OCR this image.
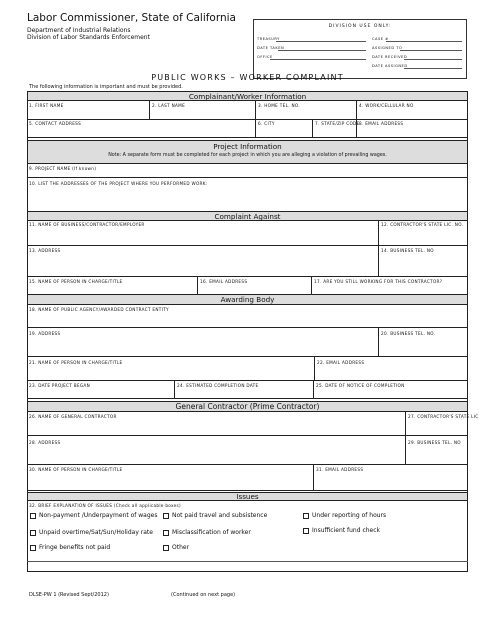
Labor Commissioner, State of California
Department of Industrial Relations
Division of Labor Standards Enforcement
DIVISION USE ONLY:
TREASURY
DATE TAKEN
OFFICE
CASE #
ASSIGNED TO
DATE RECEIVED
DATE ASSIGNED
PUBLIC WORKS – WORKER COMPLAINT
The following information is important and must be provided.
Complainant/Worker Information
1. FIRST NAME	2. LAST NAME	3. HOME TEL. NO.	4. WORK/CELLULAR NO
5. CONTACT ADDRESS	6. CITY	7. STATE/ZIP CODE 8. EMAIL ADDRESS
Project Information
Note: A separate form must be completed for each project in which you are alleging a violation of prevailing wages.
9. PROJECT NAME (If known)
10. LIST THE ADDRESSES OF THE PROJECT WHERE YOU PERFORMED WORK:
Complaint Against
11. NAME OF BUSINESS/CONTRACTOR/EMPLOYER	12. CONTRACTOR'S STATE LIC. NO.
13. ADDRESS	14. BUSINESS TEL. NO
15. NAME OF PERSON IN CHARGE/TITLE	16. EMAIL ADDRESS	17. ARE YOU STILL WORKING FOR THIS CONTRACTOR?
Awarding Body
18. NAME OF PUBLIC AGENCY/AWARDED CONTRACT ENTITY
19. ADDRESS	20. BUSINESS TEL. NO.
21. NAME OF PERSON IN CHARGE/TITLE	22. EMAIL ADDRESS
23. DATE PROJECT BEGAN	24. ESTIMATED COMPLETION DATE	25. DATE OF NOTICE OF COMPLETION
General Contractor (Prime Contractor)
26. NAME OF GENERAL CONTRACTOR	27. CONTRACTOR'S STATE LIC
28. ADDRESS	29. BUSINESS TEL. NO
30. NAME OF PERSON IN CHARGE/TITLE	31. EMAIL ADDRESS
Issues
32. BRIEF EXPLANATION OF ISSUES (Check all applicable boxes)
Non-payment /Underpayment of wages Not paid travel and subsistence	Under reporting of hours
Unpaid overtime/Sat/Sun/Holiday rate	Misclassification of worker	Insufficient fund check
Fringe benefits not paid	Other
DLSE-PW 1 (Revised Sept/2012)	(Continued on next page)
